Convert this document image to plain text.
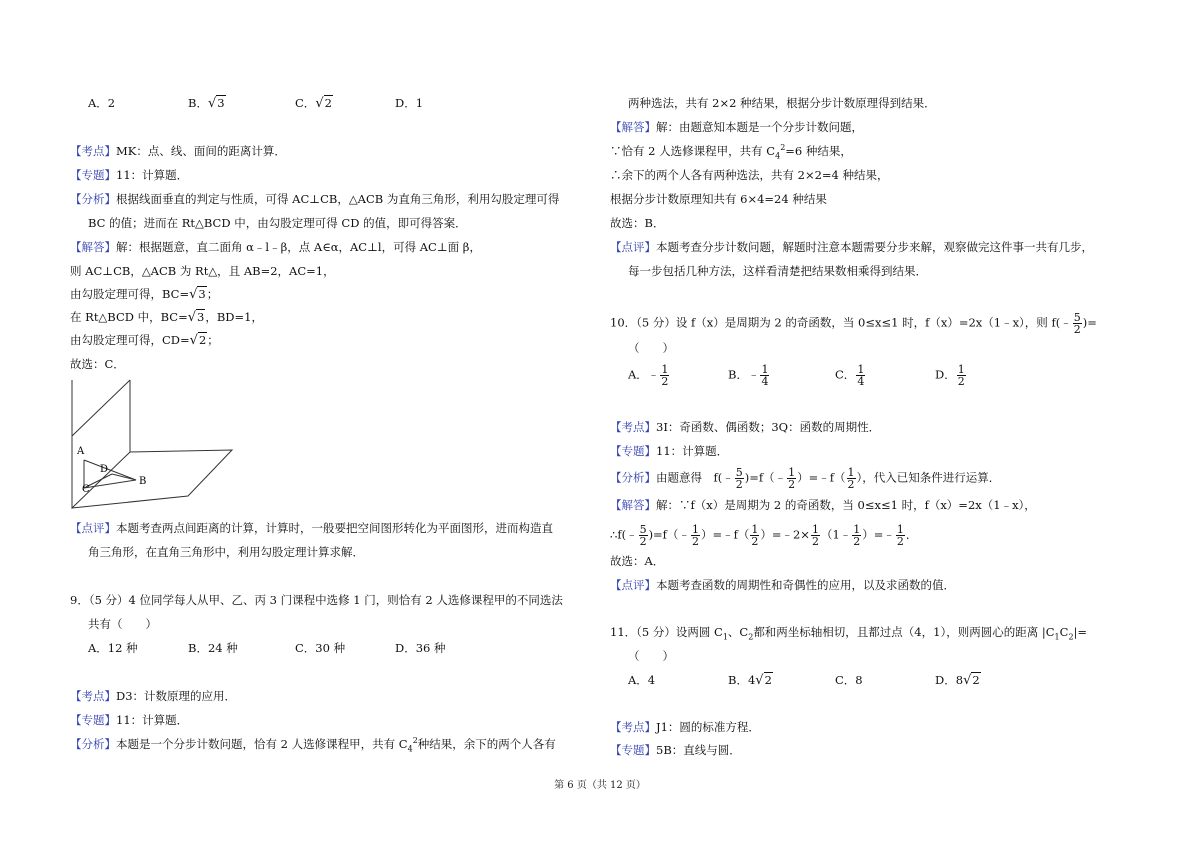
A．2	B．√3	C．√2	D．1
【考点】MK：点、线、面间的距离计算．
【专题】11：计算题．
【分析】根据线面垂直的判定与性质，可得 AC⊥CB，△ACB 为直角三角形，利用勾股定理可得
BC 的值；进而在 Rt△BCD 中，由勾股定理可得 CD 的值，即可得答案．
【解答】解：根据题意，直二面角 α﹣l﹣β，点 A∈α，AC⊥l，可得 AC⊥面 β，
则 AC⊥CB，△ACB 为 Rt△，且 AB=2，AC=1，
由勾股定理可得，BC=√3；
在 Rt△BCD 中，BC=√3，BD=1，
由勾股定理可得，CD=√2；
故选：C．
A
D
C
B
【点评】本题考查两点间距离的计算，计算时，一般要把空间图形转化为平面图形，进而构造直
角三角形，在直角三角形中，利用勾股定理计算求解．
9．（5 分）4 位同学每人从甲、乙、丙 3 门课程中选修 1 门，则恰有 2 人选修课程甲的不同选法
共有（　　）
A．12 种	B．24 种	C．30 种	D．36 种
【考点】D3：计数原理的应用．
【专题】11：计算题．
【分析】本题是一个分步计数问题，恰有 2 人选修课程甲，共有 $C_4^2$种结果，余下的两个人各有
两种选法，共有 2×2 种结果，根据分步计数原理得到结果．
【解答】解：由题意知本题是一个分步计数问题，
∵恰有 2 人选修课程甲，共有 $C_4^2=6$ 种结果，
∴余下的两个人各有两种选法，共有 2×2=4 种结果，
根据分步计数原理知共有 6×4=24 种结果
故选：B．
【点评】本题考查分步计数问题，解题时注意本题需要分步来解，观察做完这件事一共有几步，
每一步包括几种方法，这样看清楚把结果数相乘得到结果．
10．（5 分）设 f（x）是周期为 2 的奇函数，当 0≤x≤1 时，f（x）=2x（1﹣x），则 f(﹣ $\frac{5}{2}$ )=
（　　）
A．﹣ $\frac{1}{2}$	B．﹣ $\frac{1}{4}$	C． $\frac{1}{4}$	D． $\frac{1}{2}$
【考点】3I：奇函数、偶函数；3Q：函数的周期性．
【专题】11：计算题．
【分析】由题意得　 f(﹣ $\frac{5}{2}$ )=f（﹣ $\frac{1}{2}$ ）=﹣f（ $\frac{1}{2}$ ），代入已知条件进行运算．
【解答】解：∵f（x）是周期为 2 的奇函数，当 0≤x≤1 时，f（x）=2x（1﹣x），
∴f(﹣ $\frac{5}{2}$ )=f（﹣ $\frac{1}{2}$ ）=﹣f（ $\frac{1}{2}$ ）=﹣2× $\frac{1}{2}$ （1﹣ $\frac{1}{2}$ ）=﹣ $\frac{1}{2}$ ．
故选：A．
【点评】本题考查函数的周期性和奇偶性的应用，以及求函数的值．
11．（5 分）设两圆 $C_1$、$C_2$都和两坐标轴相切，且都过点（4，1），则两圆心的距离 $|C_1C_2|=$
（　　）
A．4	B．4√2	C．8	D．8√2
【考点】J1：圆的标准方程．
【专题】5B：直线与圆．
第 6 页（共 12 页）
